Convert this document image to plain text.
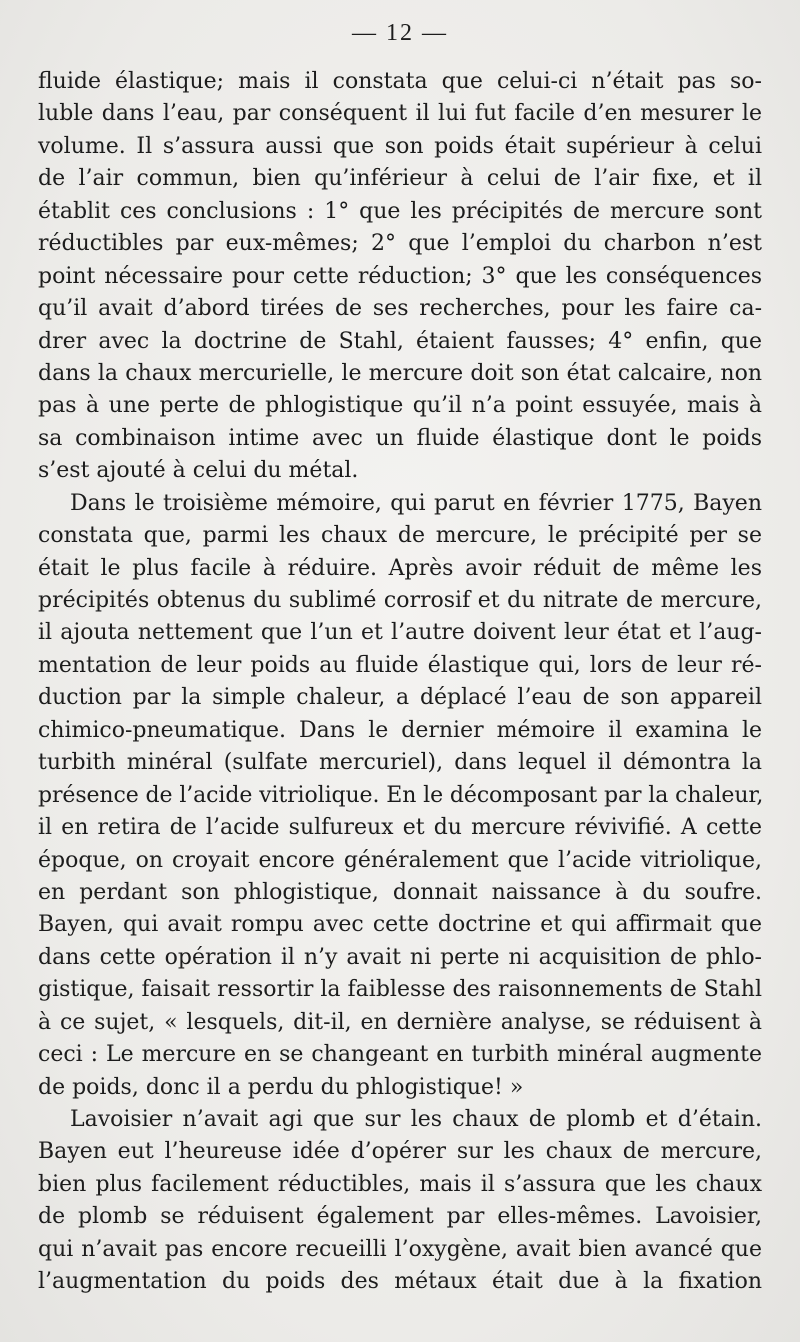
— 12 —
fluide élastique; mais il constata que celui-ci n’était pas so-
luble dans l’eau, par conséquent il lui fut facile d’en mesurer le
volume. Il s’assura aussi que son poids était supérieur à celui
de l’air commun, bien qu’inférieur à celui de l’air fixe, et il
établit ces conclusions : 1° que les précipités de mercure sont
réductibles par eux-mêmes; 2° que l’emploi du charbon n’est
point nécessaire pour cette réduction; 3° que les conséquences
qu’il avait d’abord tirées de ses recherches, pour les faire ca-
drer avec la doctrine de Stahl, étaient fausses; 4° enfin, que
dans la chaux mercurielle, le mercure doit son état calcaire, non
pas à une perte de phlogistique qu’il n’a point essuyée, mais à
sa combinaison intime avec un fluide élastique dont le poids
s’est ajouté à celui du métal.
Dans le troisième mémoire, qui parut en février 1775, Bayen
constata que, parmi les chaux de mercure, le précipité per se
était le plus facile à réduire. Après avoir réduit de même les
précipités obtenus du sublimé corrosif et du nitrate de mercure,
il ajouta nettement que l’un et l’autre doivent leur état et l’aug-
mentation de leur poids au fluide élastique qui, lors de leur ré-
duction par la simple chaleur, a déplacé l’eau de son appareil
chimico-pneumatique. Dans le dernier mémoire il examina le
turbith minéral (sulfate mercuriel), dans lequel il démontra la
présence de l’acide vitriolique. En le décomposant par la chaleur,
il en retira de l’acide sulfureux et du mercure révivifié. A cette
époque, on croyait encore généralement que l’acide vitriolique,
en perdant son phlogistique, donnait naissance à du soufre.
Bayen, qui avait rompu avec cette doctrine et qui affirmait que
dans cette opération il n’y avait ni perte ni acquisition de phlo-
gistique, faisait ressortir la faiblesse des raisonnements de Stahl
à ce sujet, « lesquels, dit-il, en dernière analyse, se réduisent à
ceci : Le mercure en se changeant en turbith minéral augmente
de poids, donc il a perdu du phlogistique! »
Lavoisier n’avait agi que sur les chaux de plomb et d’étain.
Bayen eut l’heureuse idée d’opérer sur les chaux de mercure,
bien plus facilement réductibles, mais il s’assura que les chaux
de plomb se réduisent également par elles-mêmes. Lavoisier,
qui n’avait pas encore recueilli l’oxygène, avait bien avancé que
l’augmentation du poids des métaux était due à la fixation
